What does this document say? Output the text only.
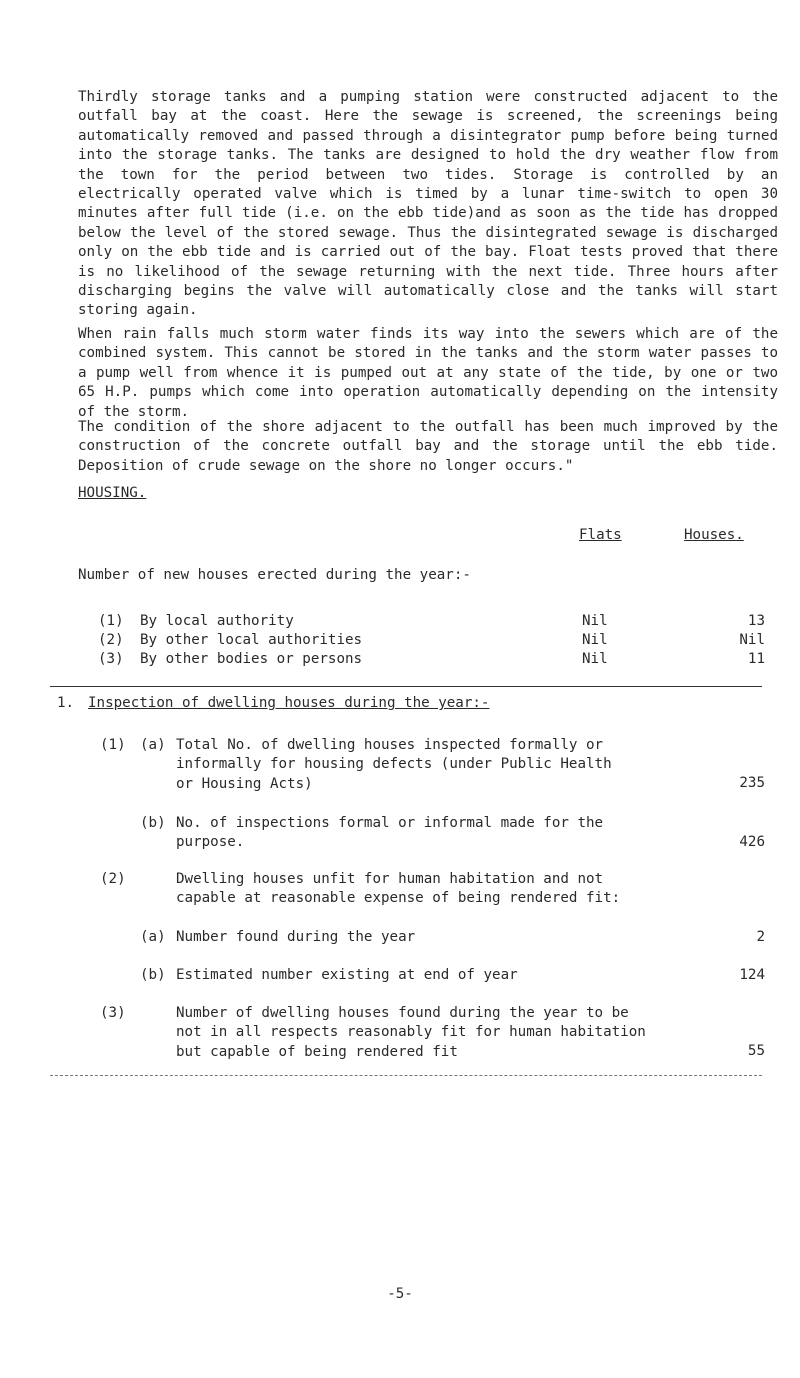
Thirdly storage tanks and a pumping station were constructed adjacent to the outfall bay at the coast. Here the sewage is screened, the screenings being automatically removed and passed through a disintegrator pump before being turned into the storage tanks. The tanks are designed to hold the dry weather flow from the town for the period between two tides. Storage is controlled by an electrically operated valve which is timed by a lunar time-switch to open 30 minutes after full tide (i.e. on the ebb tide)and as soon as the tide has dropped below the level of the stored sewage. Thus the disintegrated sewage is discharged only on the ebb tide and is carried out of the bay. Float tests proved that there is no likelihood of the sewage returning with the next tide. Three hours after discharging begins the valve will automatically close and the tanks will start storing again.

When rain falls much storm water finds its way into the sewers which are of the combined system. This cannot be stored in the tanks and the storm water passes to a pump well from whence it is pumped out at any state of the tide, by one or two 65 H.P. pumps which come into operation automatically depending on the intensity of the storm.

The condition of the shore adjacent to the outfall has been much improved by the construction of the concrete outfall bay and the storage until the ebb tide. Deposition of crude sewage on the shore no longer occurs."

HOUSING.
Flats	Houses.
Number of new houses erected during the year:-
(1) By local authority	Nil	13
(2) By other local authorities	Nil	Nil
(3) By other bodies or persons	Nil	11
1. Inspection of dwelling houses during the year:-
(1) (a) Total No. of dwelling houses inspected formally or
informally for housing defects (under Public Health
or Housing Acts)	235
(b) No. of inspections formal or informal made for the
purpose.	426
(2)	Dwelling houses unfit for human habitation and not
capable at reasonable expense of being rendered fit:
(a) Number found during the year	2
(b) Estimated number existing at end of year	124
(3)	Number of dwelling houses found during the year to be
not in all respects reasonably fit for human habitation
but capable of being rendered fit	55
-5-
